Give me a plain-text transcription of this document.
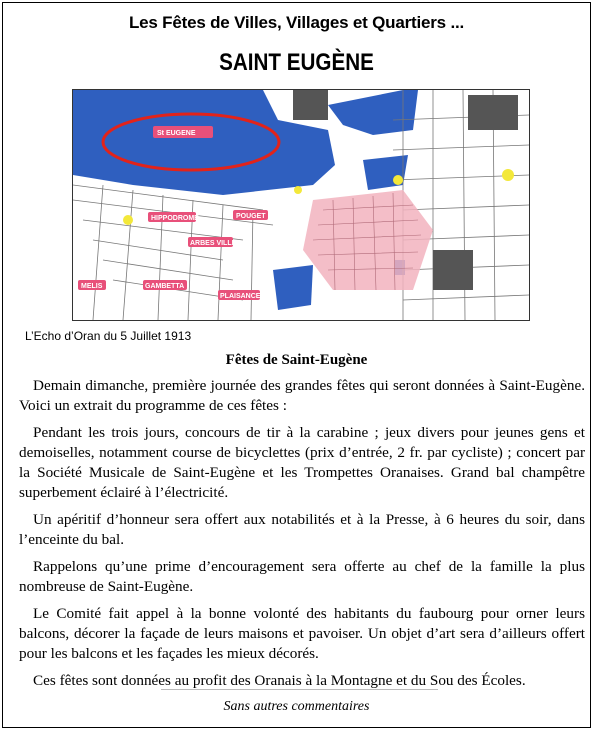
Les Fêtes de Villes, Villages et Quartiers ...
SAINT EUGÈNE
St EUGENE
HIPPODROME	POUGET
ARBES VILLE
MELIS	GAMBETTA
PLAISANCE
L’Echo d’Oran du 5 Juillet 1913
Fêtes de Saint-Eugène

Demain dimanche, première journée des grandes fêtes qui seront données à Saint-Eugène. Voici un extrait du programme de ces fêtes :

Pendant les trois jours, concours de tir à la carabine ; jeux divers pour jeunes gens et demoiselles, notamment course de bicyclettes (prix d’entrée, 2 fr. par cycliste) ; concert par la Société Musicale de Saint-Eugène et les Trompettes Oranaises. Grand bal champêtre superbement éclairé à l’électricité.

Un apéritif d’honneur sera offert aux notabilités et à la Presse, à 6 heures du soir, dans l’enceinte du bal.

Rappelons qu’une prime d’encouragement sera offerte au chef de la famille la plus nombreuse de Saint-Eugène.

Le Comité fait appel à la bonne volonté des habitants du faubourg pour orner leurs balcons, décorer la façade de leurs maisons et pavoiser. Un objet d’art sera d’ailleurs offert pour les balcons et les façades les mieux décorés.

Ces fêtes sont données au profit des Oranais à la Montagne et du Sou des Écoles.

Sans autres commentaires
